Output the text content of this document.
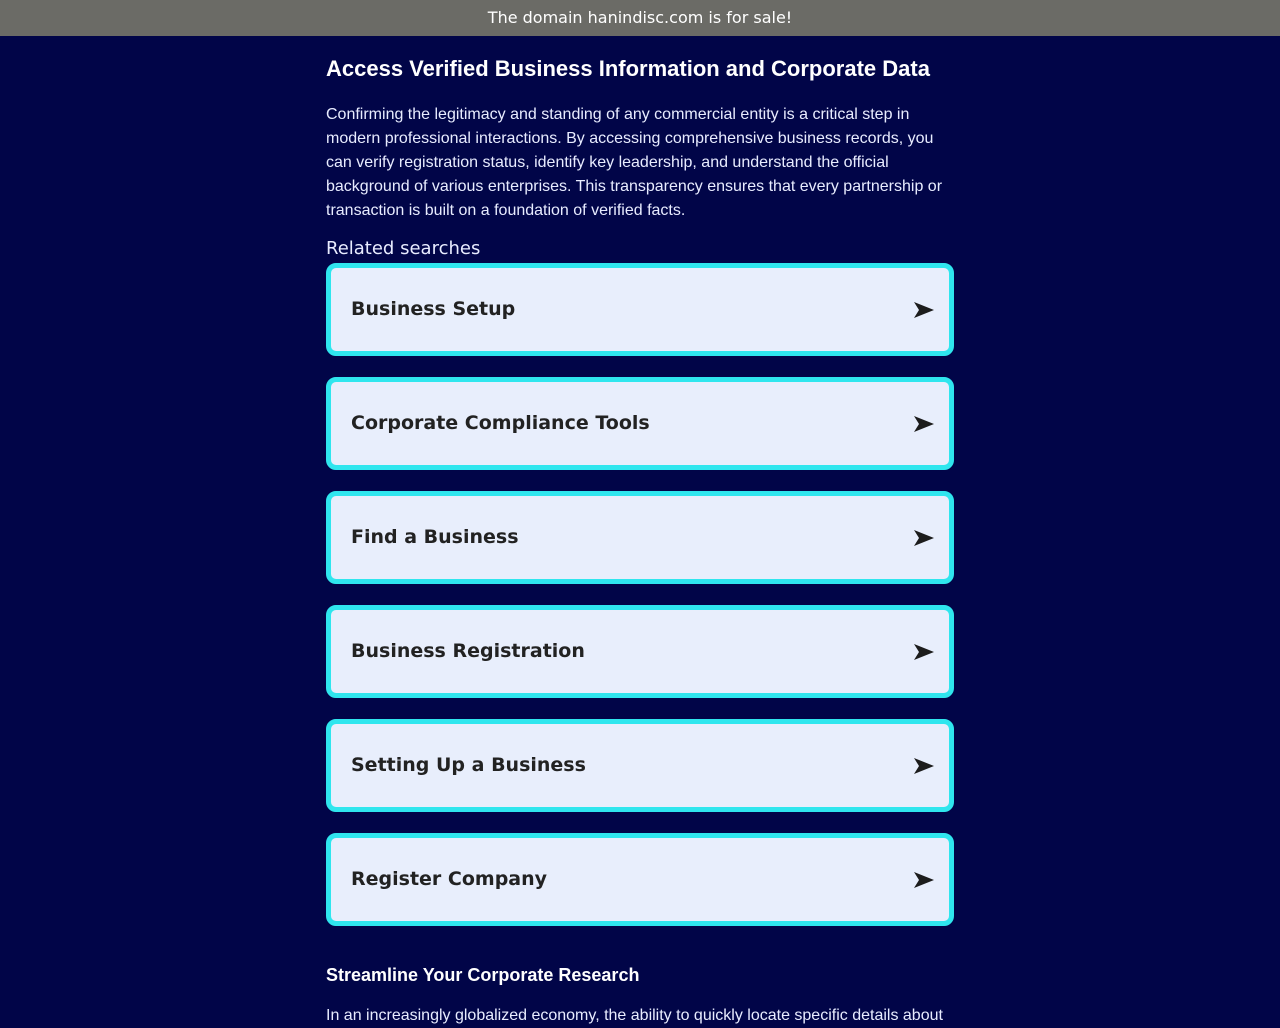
The domain hanindisc.com is for sale!
Access Verified Business Information and Corporate Data

Confirming the legitimacy and standing of any commercial entity is a critical step in modern professional interactions. By accessing comprehensive business records, you can verify registration status, identify key leadership, and understand the official background of various enterprises. This transparency ensures that every partnership or transaction is built on a foundation of verified facts.

Related searches
Business Setup
Corporate Compliance Tools
Find a Business
Business Registration
Setting Up a Business
Register Company
Streamline Your Corporate Research

In an increasingly globalized economy, the ability to quickly locate specific details about
